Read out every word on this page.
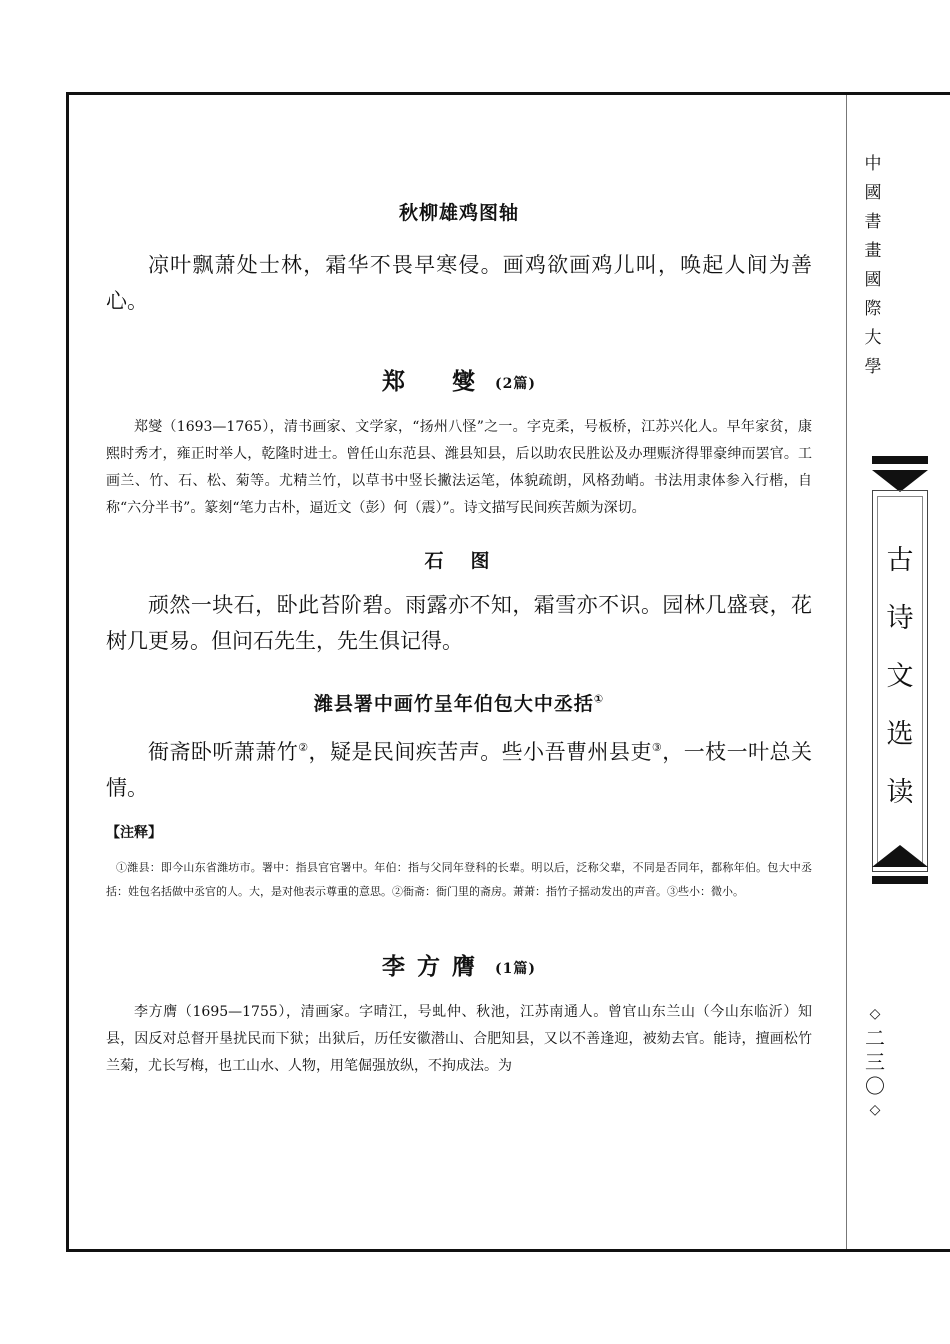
秋柳雄鸡图轴

凉叶飘萧处士林，霜华不畏早寒侵。画鸡欲画鸡儿叫，唤起人间为善心。

郑　燮 (2篇)

郑燮（1693—1765），清书画家、文学家，“扬州八怪”之一。字克柔，号板桥，江苏兴化人。早年家贫，康熙时秀才，雍正时举人，乾隆时进士。曾任山东范县、潍县知县，后以助农民胜讼及办理赈济得罪豪绅而罢官。工画兰、竹、石、松、菊等。尤精兰竹，以草书中竖长撇法运笔，体貌疏朗，风格劲峭。书法用隶体参入行楷，自称“六分半书”。篆刻“笔力古朴，逼近文（彭）何（震）”。诗文描写民间疾苦颇为深切。

石　图

顽然一块石，卧此苔阶碧。雨露亦不知，霜雪亦不识。园林几盛衰，花树几更易。但问石先生，先生俱记得。

潍县署中画竹呈年伯包大中丞括①

衙斋卧听萧萧竹②，疑是民间疾苦声。些小吾曹州县吏③，一枝一叶总关情。

【注释】

①潍县：即今山东省潍坊市。署中：指县官官署中。年伯：指与父同年登科的长辈。明以后，泛称父辈，不同是否同年，都称年伯。包大中丞括：姓包名括做中丞官的人。大，是对他表示尊重的意思。②衙斋：衙门里的斋房。萧萧：指竹子摇动发出的声音。③些小：微小。

李方膺 (1篇)

李方膺（1695—1755），清画家。字晴江，号虬仲、秋池，江苏南通人。曾官山东兰山（今山东临沂）知县，因反对总督开垦扰民而下狱；出狱后，历任安徽潜山、合肥知县，又以不善逢迎，被劾去官。能诗，擅画松竹兰菊，尤长写梅，也工山水、人物，用笔倔强放纵，不拘成法。为

中
國
書
畫
國
際
大
學
古
诗
文
选
读
◇
二
三
〇
◇
